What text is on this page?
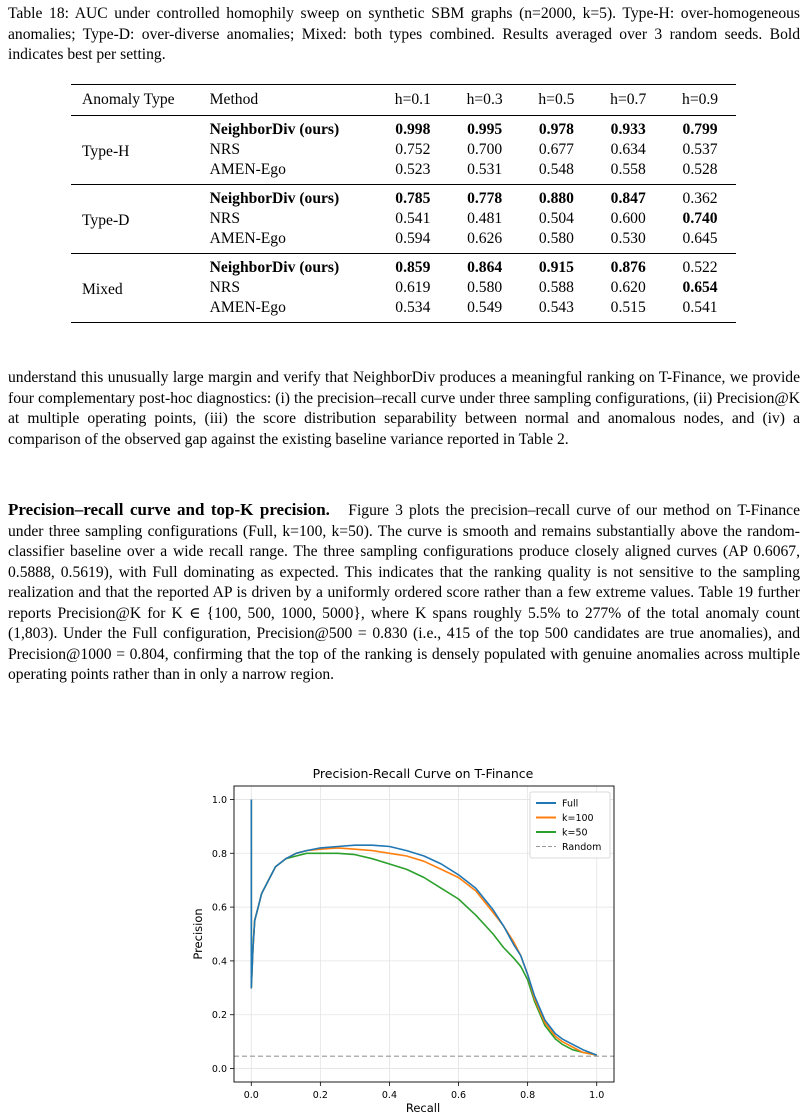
Table 18: AUC under controlled homophily sweep on synthetic SBM graphs (n=2000, k=5). Type-H: over-homogeneous anomalies; Type-D: over-diverse anomalies; Mixed: both types combined. Results averaged over 3 random seeds. Bold indicates best per setting.
Anomaly Type	Method	h=0.1	h=0.3	h=0.5	h=0.7	h=0.9
Type-H	NeighborDiv (ours)	0.998	0.995	0.978	0.933	0.799
	NRS	0.752	0.700	0.677	0.634	0.537
	AMEN-Ego	0.523	0.531	0.548	0.558	0.528
Type-D	NeighborDiv (ours)	0.785	0.778	0.880	0.847	0.362
	NRS	0.541	0.481	0.504	0.600	0.740
	AMEN-Ego	0.594	0.626	0.580	0.530	0.645
Mixed	NeighborDiv (ours)	0.859	0.864	0.915	0.876	0.522
	NRS	0.619	0.580	0.588	0.620	0.654
	AMEN-Ego	0.534	0.549	0.543	0.515	0.541

understand this unusually large margin and verify that NeighborDiv produces a meaningful ranking on T-Finance, we provide four complementary post-hoc diagnostics: (i) the precision–recall curve under three sampling configurations, (ii) Precision@K at multiple operating points, (iii) the score distribution separability between normal and anomalous nodes, and (iv) a comparison of the observed gap against the existing baseline variance reported in Table 2.

Precision–recall curve and top-K precision. Figure 3 plots the precision–recall curve of our method on T-Finance under three sampling configurations (Full, k=100, k=50). The curve is smooth and remains substantially above the random-classifier baseline over a wide recall range. The three sampling configurations produce closely aligned curves (AP 0.6067, 0.5888, 0.5619), with Full dominating as expected. This indicates that the ranking quality is not sensitive to the sampling realization and that the reported AP is driven by a uniformly ordered score rather than a few extreme values. Table 19 further reports Precision@K for K ∈ {100, 500, 1000, 5000}, where K spans roughly 5.5% to 277% of the total anomaly count (1,803). Under the Full configuration, Precision@500 = 0.830 (i.e., 415 of the top 500 candidates are true anomalies), and Precision@1000 = 0.804, confirming that the top of the ranking is densely populated with genuine anomalies across multiple operating points rather than in only a narrow region.

Precision-Recall Curve on T-Finance
0.0	0.2	0.4	0.6	0.8	1.0
0.0
0.2
0.4
0.6
0.8
1.0
Recall
Precision
Full
k=100
k=50
Random
